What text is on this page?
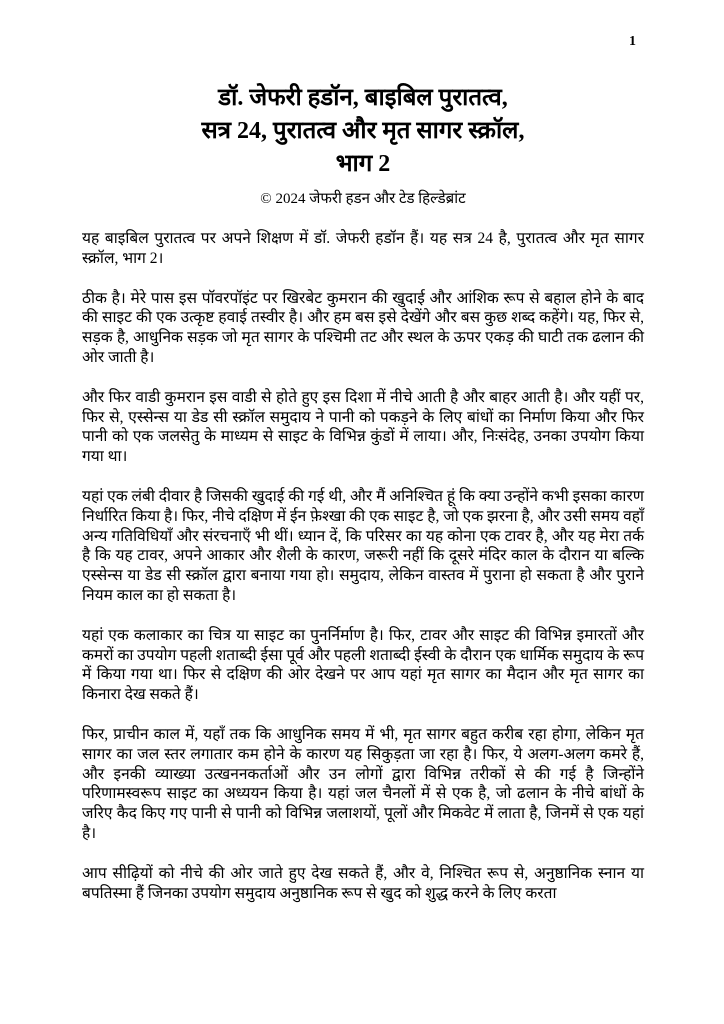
1
डॉ. जेफरी हडॉन, बाइबिल पुरातत्व,
सत्र 24, पुरातत्व और मृत सागर स्क्रॉल,
भाग 2
© 2024 जेफरी हडन और टेड हिल्डेब्रांट

यह बाइबिल पुरातत्व पर अपने शिक्षण में डॉ. जेफरी हडॉन हैं। यह सत्र 24 है, पुरातत्व और मृत सागर स्क्रॉल, भाग 2।

ठीक है। मेरे पास इस पॉवरपॉइंट पर खिरबेट कुमरान की खुदाई और आंशिक रूप से बहाल होने के बाद की साइट की एक उत्कृष्ट हवाई तस्वीर है। और हम बस इसे देखेंगे और बस कुछ शब्द कहेंगे। यह, फिर से, सड़क है, आधुनिक सड़क जो मृत सागर के पश्चिमी तट और स्थल के ऊपर एकड़ की घाटी तक ढलान की ओर जाती है।

और फिर वाडी कुमरान इस वाडी से होते हुए इस दिशा में नीचे आती है और बाहर आती है। और यहीं पर, फिर से, एस्सेन्स या डेड सी स्क्रॉल समुदाय ने पानी को पकड़ने के लिए बांधों का निर्माण किया और फिर पानी को एक जलसेतु के माध्यम से साइट के विभिन्न कुंडों में लाया। और, निःसंदेह, उनका उपयोग किया गया था।

यहां एक लंबी दीवार है जिसकी खुदाई की गई थी, और मैं अनिश्चित हूं कि क्या उन्होंने कभी इसका कारण निर्धारित किया है। फिर, नीचे दक्षिण में ईन फ़ेश्खा की एक साइट है, जो एक झरना है, और उसी समय वहाँ अन्य गतिविधियाँ और संरचनाएँ भी थीं। ध्यान दें, कि परिसर का यह कोना एक टावर है, और यह मेरा तर्क है कि यह टावर, अपने आकार और शैली के कारण, जरूरी नहीं कि दूसरे मंदिर काल के दौरान या बल्कि एस्सेन्स या डेड सी स्क्रॉल द्वारा बनाया गया हो। समुदाय, लेकिन वास्तव में पुराना हो सकता है और पुराने नियम काल का हो सकता है।

यहां एक कलाकार का चित्र या साइट का पुनर्निर्माण है। फिर, टावर और साइट की विभिन्न इमारतों और कमरों का उपयोग पहली शताब्दी ईसा पूर्व और पहली शताब्दी ईस्वी के दौरान एक धार्मिक समुदाय के रूप में किया गया था। फिर से दक्षिण की ओर देखने पर आप यहां मृत सागर का मैदान और मृत सागर का किनारा देख सकते हैं।

फिर, प्राचीन काल में, यहाँ तक कि आधुनिक समय में भी, मृत सागर बहुत करीब रहा होगा, लेकिन मृत सागर का जल स्तर लगातार कम होने के कारण यह सिकुड़ता जा रहा है। फिर, ये अलग-अलग कमरे हैं, और इनकी व्याख्या उत्खननकर्ताओं और उन लोगों द्वारा विभिन्न तरीकों से की गई है जिन्होंने परिणामस्वरूप साइट का अध्ययन किया है। यहां जल चैनलों में से एक है, जो ढलान के नीचे बांधों के जरिए कैद किए गए पानी से पानी को विभिन्न जलाशयों, पूलों और मिकवेट में लाता है, जिनमें से एक यहां है।

आप सीढ़ियों को नीचे की ओर जाते हुए देख सकते हैं, और वे, निश्चित रूप से, अनुष्ठानिक स्नान या बपतिस्मा हैं जिनका उपयोग समुदाय अनुष्ठानिक रूप से खुद को शुद्ध करने के लिए करता
